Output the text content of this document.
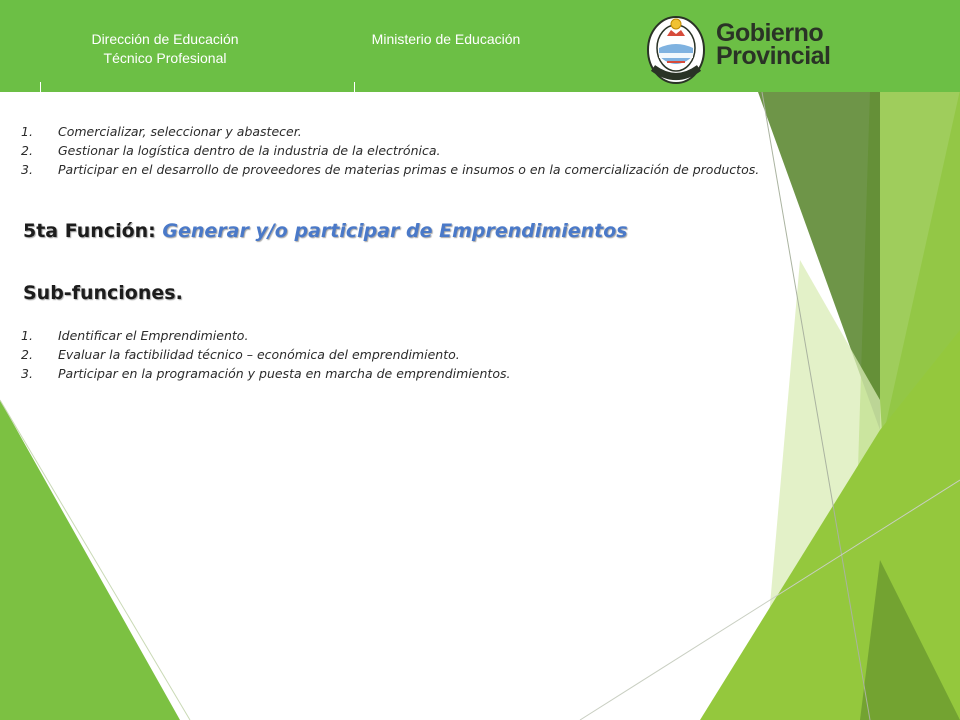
Dirección de Educación
Técnico Profesional
Ministerio de Educación	Gobierno
Provincial
1. Comercializar, seleccionar y abastecer.
2. Gestionar la logística dentro de la industria de la electrónica.
3. Participar en el desarrollo de proveedores de materias primas e insumos o en la comercialización de productos.
5ta Función: Generar y/o participar de Emprendimientos
Sub-funciones.
1. Identificar el Emprendimiento.
2. Evaluar la factibilidad técnico – económica del emprendimiento.
3. Participar en la programación y puesta en marcha de emprendimientos.
